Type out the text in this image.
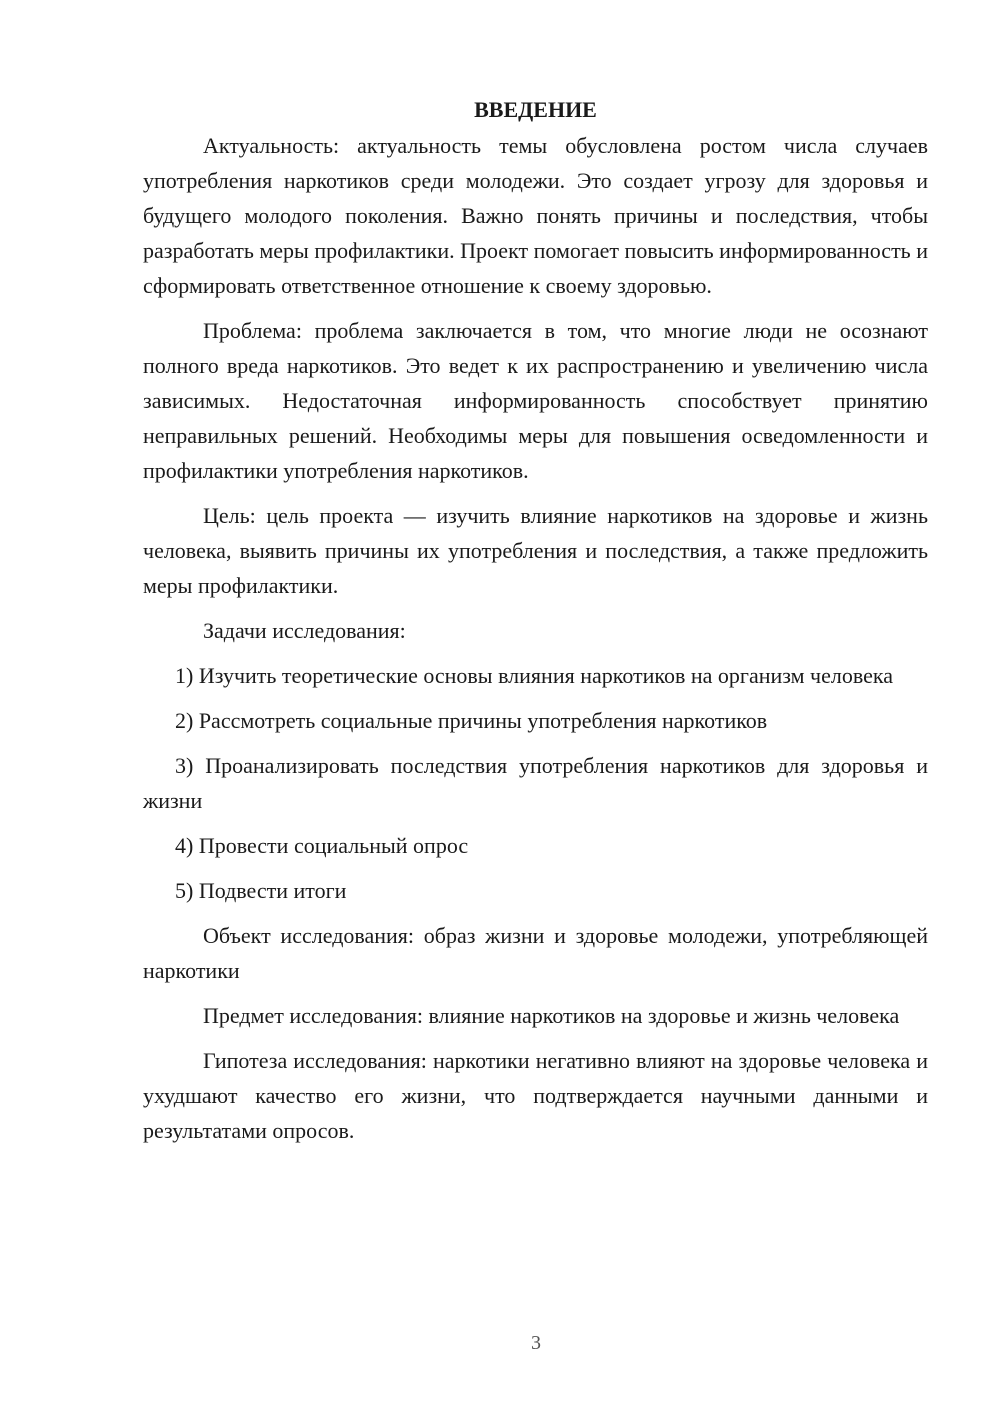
ВВЕДЕНИЕ

Актуальность: актуальность темы обусловлена ростом числа случаев употребления наркотиков среди молодежи. Это создает угрозу для здоровья и будущего молодого поколения. Важно понять причины и последствия, чтобы разработать меры профилактики. Проект помогает повысить информированность и сформировать ответственное отношение к своему здоровью.

Проблема: проблема заключается в том, что многие люди не осознают полного вреда наркотиков. Это ведет к их распространению и увеличению числа зависимых. Недостаточная информированность способствует принятию неправильных решений. Необходимы меры для повышения осведомленности и профилактики употребления наркотиков.

Цель: цель проекта — изучить влияние наркотиков на здоровье и жизнь человека, выявить причины их употребления и последствия, а также предложить меры профилактики.

Задачи исследования:

1) Изучить теоретические основы влияния наркотиков на организм человека

2) Рассмотреть социальные причины употребления наркотиков

3) Проанализировать последствия употребления наркотиков для здоровья и жизни

4) Провести социальный опрос

5) Подвести итоги

Объект исследования: образ жизни и здоровье молодежи, употребляющей наркотики

Предмет исследования: влияние наркотиков на здоровье и жизнь человека

Гипотеза исследования: наркотики негативно влияют на здоровье человека и ухудшают качество его жизни, что подтверждается научными данными и результатами опросов.

3
